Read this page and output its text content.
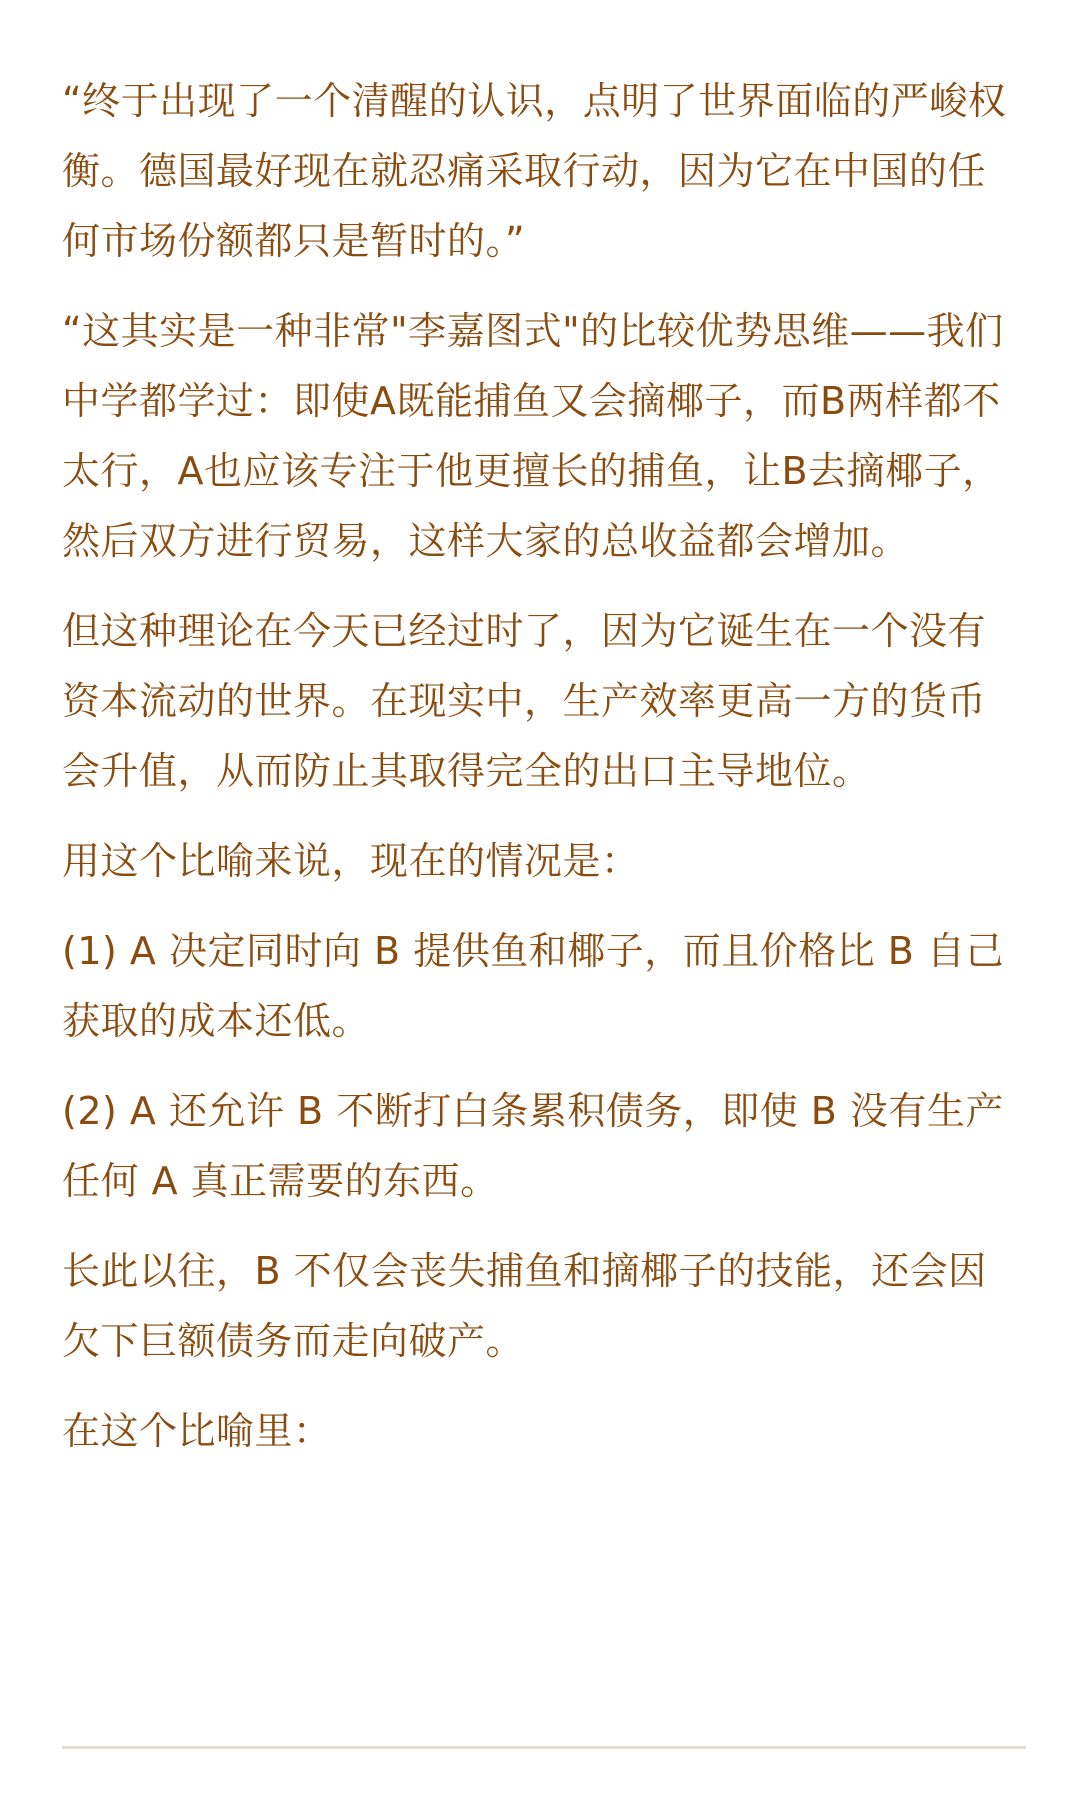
“终于出现了一个清醒的认识，点明了世界面临的严峻权衡。德国最好现在就忍痛采取行动，因为它在中国的任何市场份额都只是暂时的。”

“这其实是一种非常"李嘉图式"的比较优势思维——我们中学都学过：即使A既能捕鱼又会摘椰子，而B两样都不太行，A也应该专注于他更擅长的捕鱼，让B去摘椰子，然后双方进行贸易，这样大家的总收益都会增加。

但这种理论在今天已经过时了，因为它诞生在一个没有资本流动的世界。在现实中，生产效率更高一方的货币会升值，从而防止其取得完全的出口主导地位。

用这个比喻来说，现在的情况是：

(1) A 决定同时向 B 提供鱼和椰子，而且价格比 B 自己获取的成本还低。

(2) A 还允许 B 不断打白条累积债务，即使 B 没有生产任何 A 真正需要的东西。

长此以往，B 不仅会丧失捕鱼和摘椰子的技能，还会因欠下巨额债务而走向破产。

在这个比喻里：
